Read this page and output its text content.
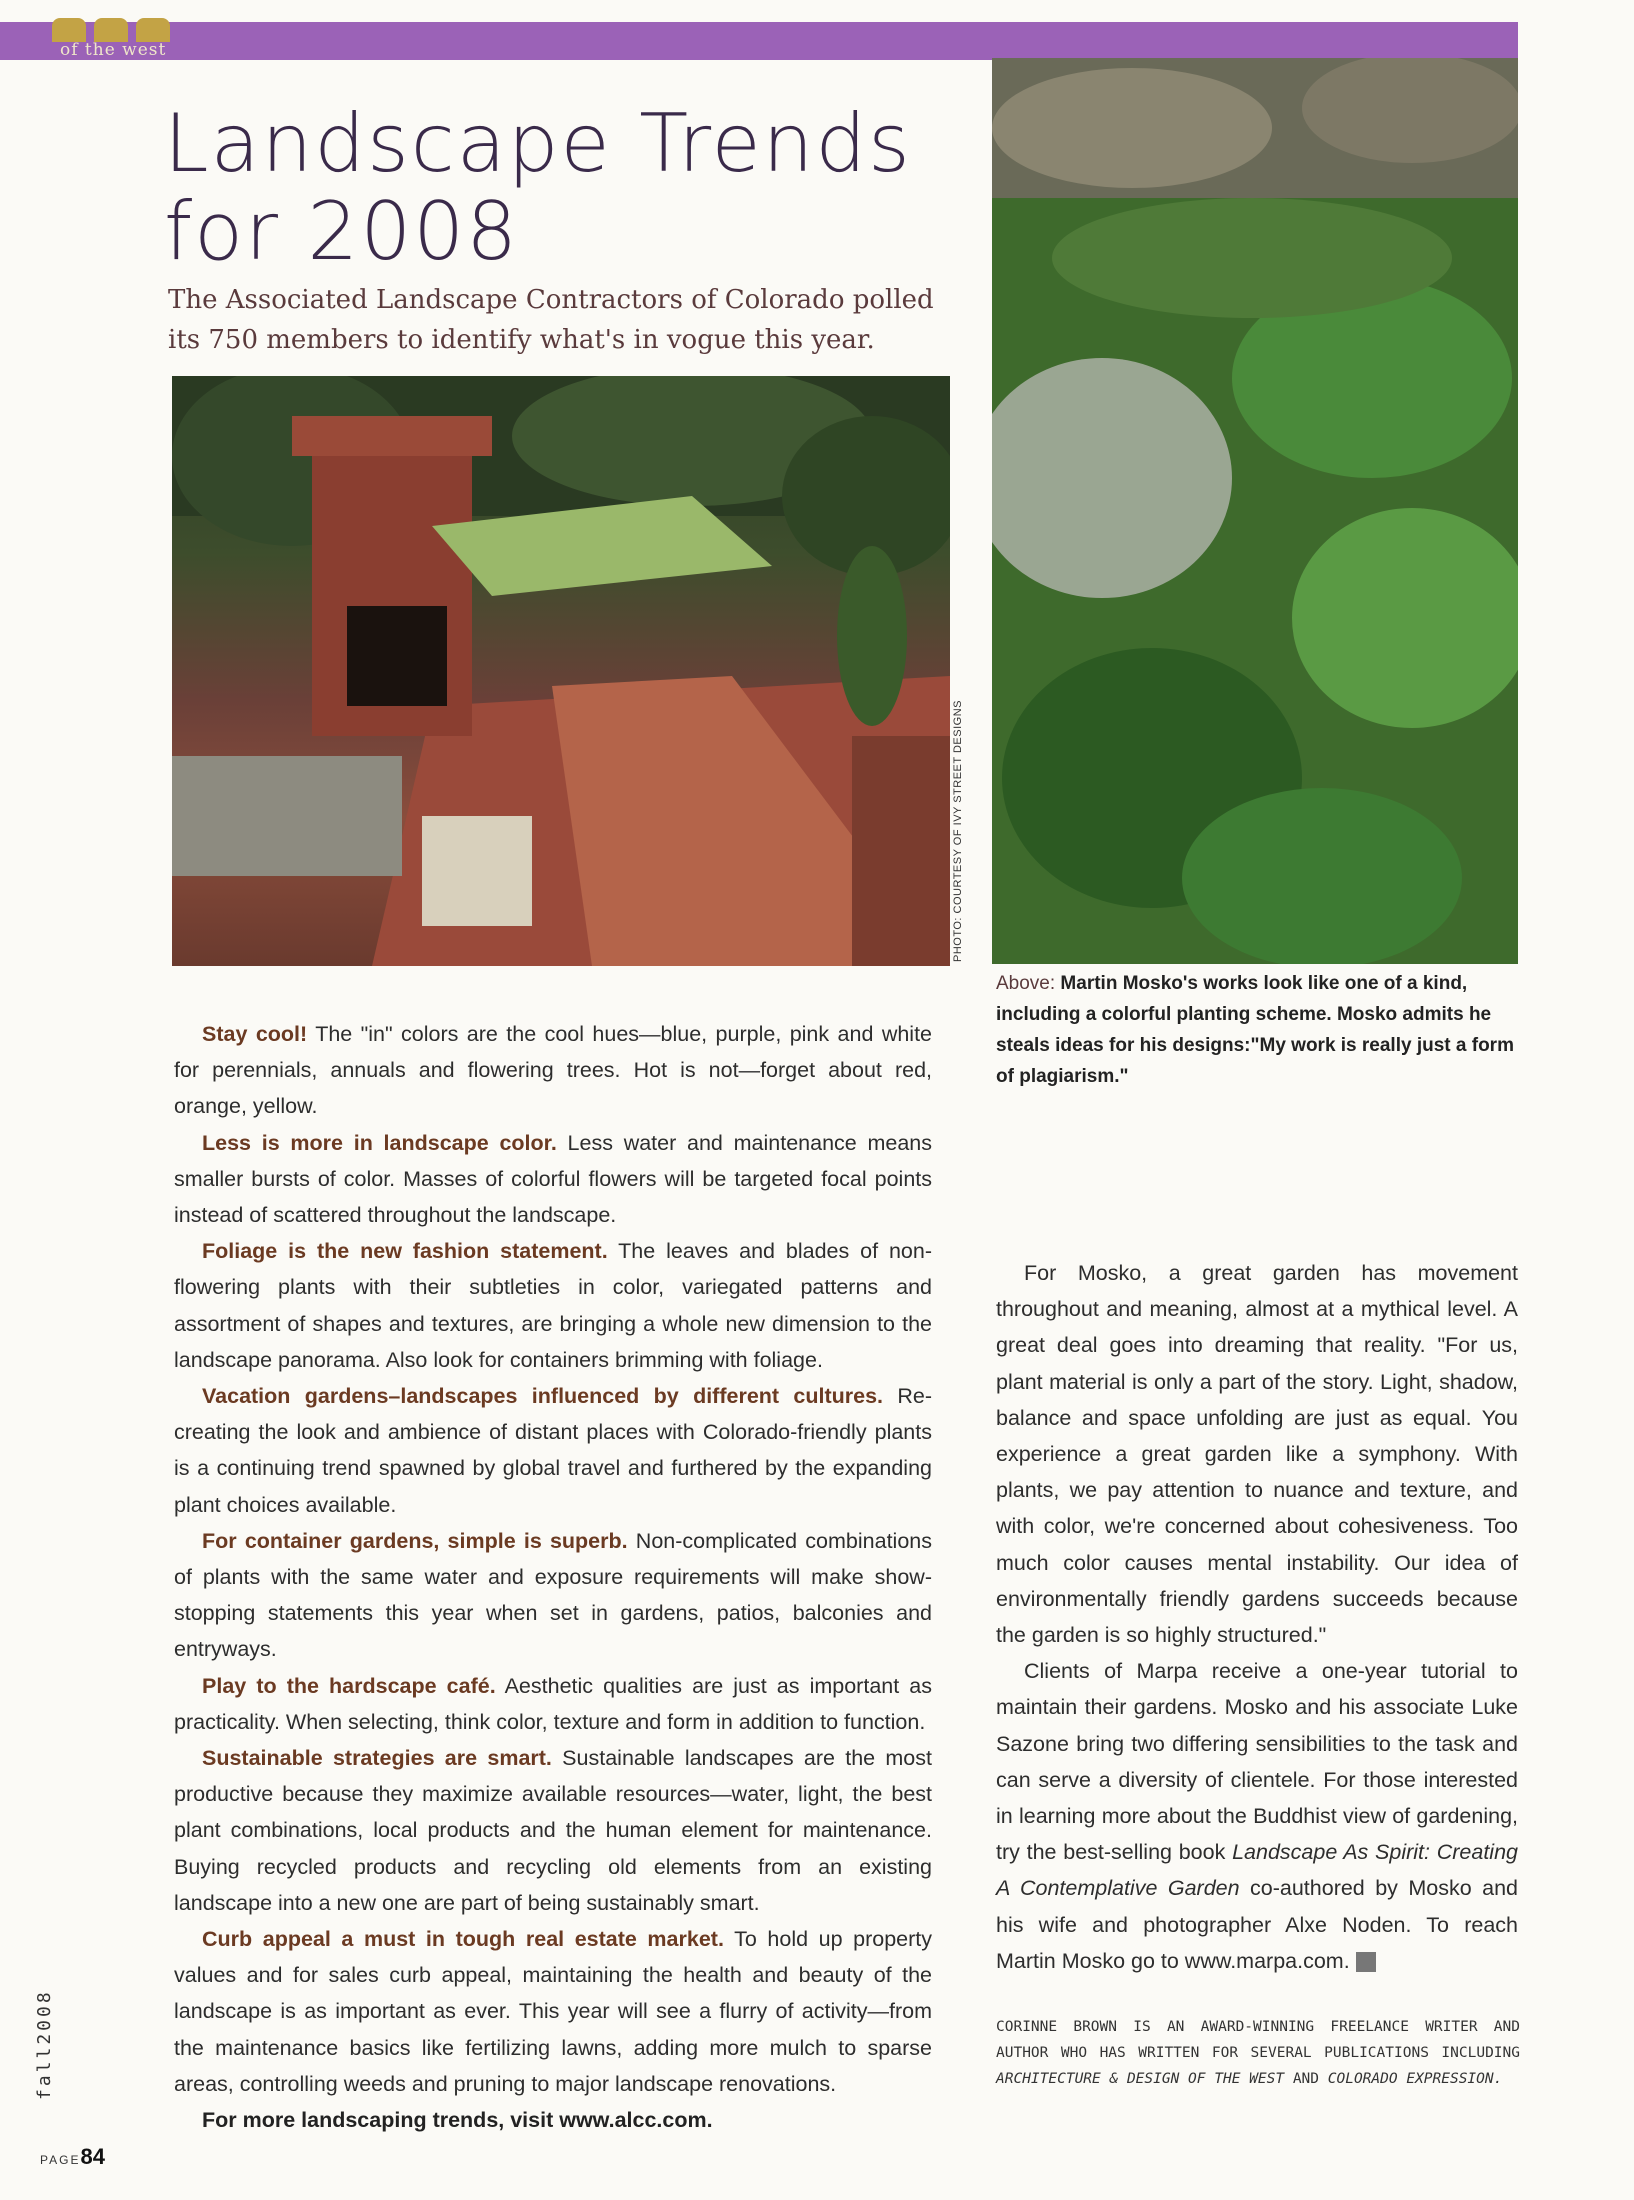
of the west
Landscape Trends
for 2008
The Associated Landscape Contractors of Colorado polled its 750 members to identify what's in vogue this year.
PHOTO: COURTESY OF IVY STREET DESIGNS
Above: Martin Mosko's works look like one of a kind, including a colorful planting scheme. Mosko admits he steals ideas for his designs:"My work is really just a form of plagiarism."

Stay cool! The "in" colors are the cool hues—blue, purple, pink and white for perennials, annuals and flowering trees. Hot is not—forget about red, orange, yellow.

Less is more in landscape color. Less water and maintenance means smaller bursts of color. Masses of colorful flowers will be targeted focal points instead of scattered throughout the landscape.

Foliage is the new fashion statement. The leaves and blades of non-flowering plants with their subtleties in color, variegated patterns and assortment of shapes and textures, are bringing a whole new dimension to the landscape panorama. Also look for containers brimming with foliage.

Vacation gardens–landscapes influenced by different cultures. Re-creating the look and ambience of distant places with Colorado-friendly plants is a continuing trend spawned by global travel and furthered by the expanding plant choices available.

For container gardens, simple is superb. Non-complicated combinations of plants with the same water and exposure requirements will make show-stopping statements this year when set in gardens, patios, balconies and entryways.

Play to the hardscape café. Aesthetic qualities are just as important as practicality. When selecting, think color, texture and form in addition to function.

Sustainable strategies are smart. Sustainable landscapes are the most productive because they maximize available resources—water, light, the best plant combinations, local products and the human element for maintenance. Buying recycled products and recycling old elements from an existing landscape into a new one are part of being sustainably smart.

Curb appeal a must in tough real estate market. To hold up property values and for sales curb appeal, maintaining the health and beauty of the landscape is as important as ever. This year will see a flurry of activity—from the maintenance basics like fertilizing lawns, adding more mulch to sparse areas, controlling weeds and pruning to major landscape renovations.

For more landscaping trends, visit www.alcc.com.

For Mosko, a great garden has movement throughout and meaning, almost at a mythical level. A great deal goes into dreaming that reality. "For us, plant material is only a part of the story. Light, shadow, balance and space unfolding are just as equal. You experience a great garden like a symphony. With plants, we pay attention to nuance and texture, and with color, we're concerned about cohesiveness. Too much color causes mental instability. Our idea of environmentally friendly gardens succeeds because the garden is so highly structured."

Clients of Marpa receive a one-year tutorial to maintain their gardens. Mosko and his associate Luke Sazone bring two differing sensibilities to the task and can serve a diversity of clientele. For those interested in learning more about the Buddhist view of gardening, try the best-selling book Landscape As Spirit: Creating A Contemplative Garden co-authored by Mosko and his wife and photographer Alxe Noden. To reach Martin Mosko go to www.marpa.com.

CORINNE BROWN IS AN AWARD-WINNING FREELANCE WRITER AND AUTHOR WHO HAS WRITTEN FOR SEVERAL PUBLICATIONS INCLUDING ARCHITECTURE & DESIGN OF THE WEST AND COLORADO EXPRESSION.
fall2008
PAGE84
